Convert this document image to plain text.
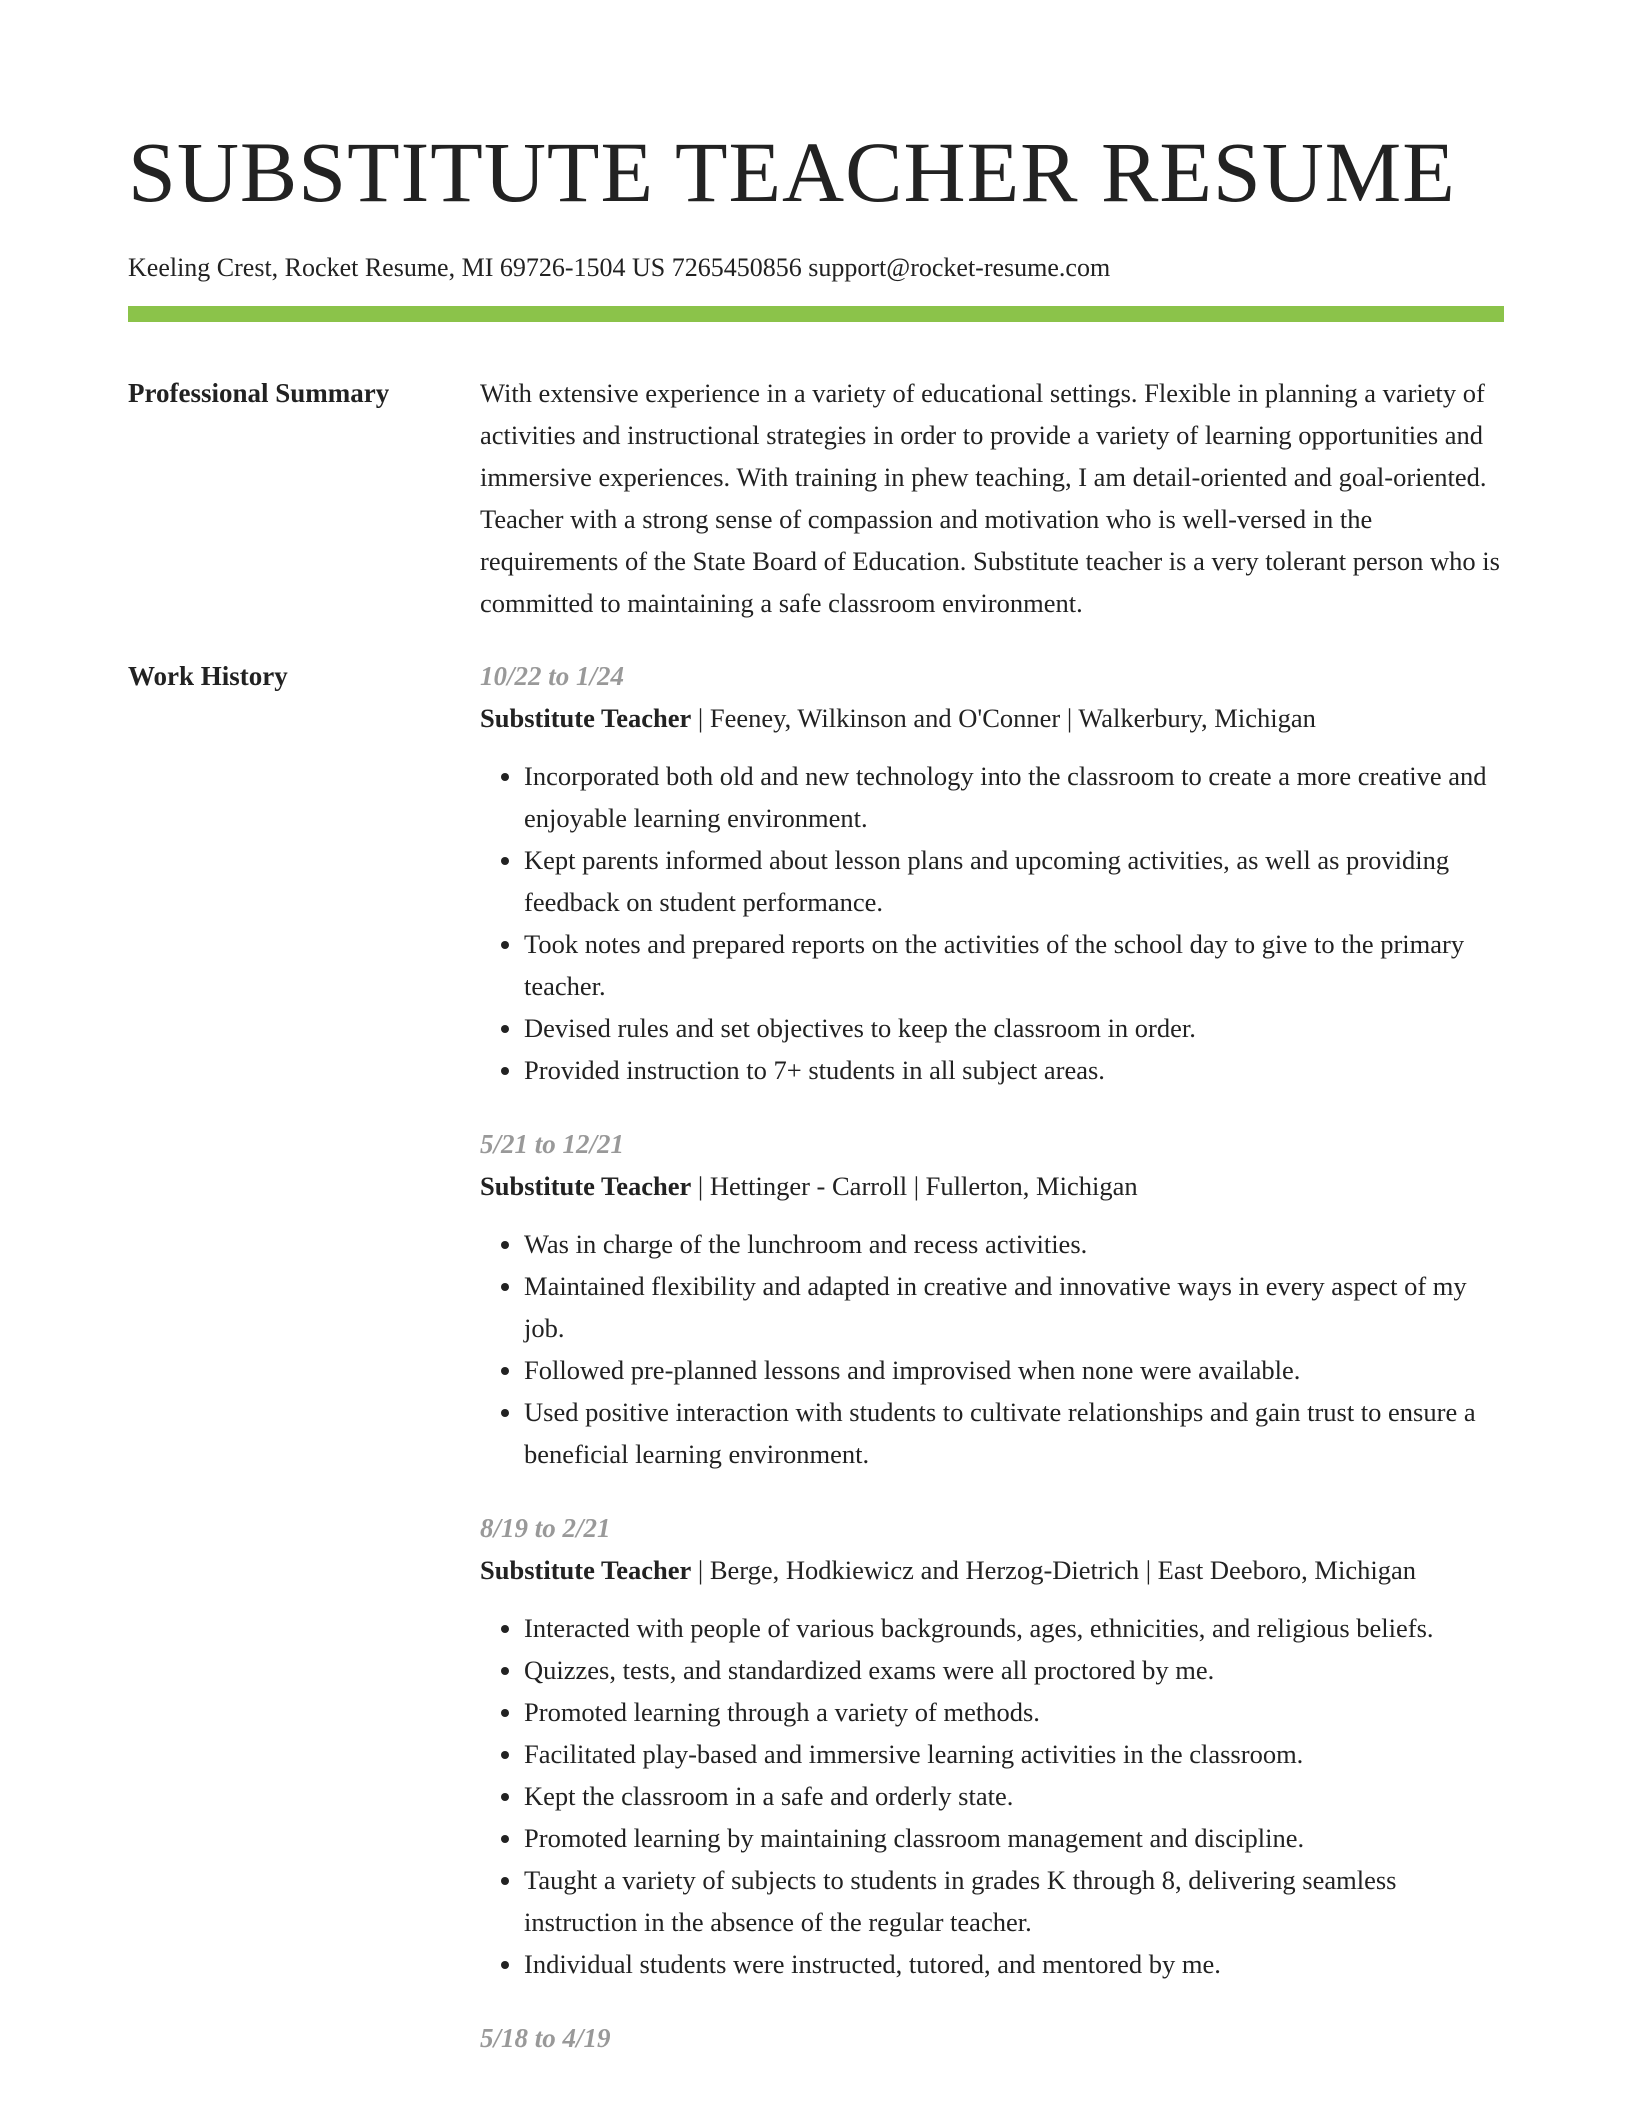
SUBSTITUTE TEACHER RESUME
Keeling Crest, Rocket Resume, MI 69726-1504 US 7265450856 support@rocket-resume.com
Professional Summary	With extensive experience in a variety of educational settings. Flexible in planning a variety of activities and instructional strategies in order to provide a variety of learning opportunities and immersive experiences. With training in phew teaching, I am detail-oriented and goal-oriented. Teacher with a strong sense of compassion and motivation who is well-versed in the requirements of the State Board of Education. Substitute teacher is a very tolerant person who is committed to maintaining a safe classroom environment.

Work History	10/22 to 1/24
Substitute Teacher | Feeney, Wilkinson and O'Conner | Walkerbury, Michigan
• Incorporated both old and new technology into the classroom to create a more creative and enjoyable learning environment.
• Kept parents informed about lesson plans and upcoming activities, as well as providing feedback on student performance.
• Took notes and prepared reports on the activities of the school day to give to the primary teacher.
• Devised rules and set objectives to keep the classroom in order.
• Provided instruction to 7+ students in all subject areas.
5/21 to 12/21
Substitute Teacher | Hettinger - Carroll | Fullerton, Michigan
• Was in charge of the lunchroom and recess activities.
• Maintained flexibility and adapted in creative and innovative ways in every aspect of my job.
• Followed pre-planned lessons and improvised when none were available.
• Used positive interaction with students to cultivate relationships and gain trust to ensure a beneficial learning environment.
8/19 to 2/21
Substitute Teacher | Berge, Hodkiewicz and Herzog-Dietrich | East Deeboro, Michigan
• Interacted with people of various backgrounds, ages, ethnicities, and religious beliefs.
• Quizzes, tests, and standardized exams were all proctored by me.
• Promoted learning through a variety of methods.
• Facilitated play-based and immersive learning activities in the classroom.
• Kept the classroom in a safe and orderly state.
• Promoted learning by maintaining classroom management and discipline.
• Taught a variety of subjects to students in grades K through 8, delivering seamless instruction in the absence of the regular teacher.
• Individual students were instructed, tutored, and mentored by me.
5/18 to 4/19
